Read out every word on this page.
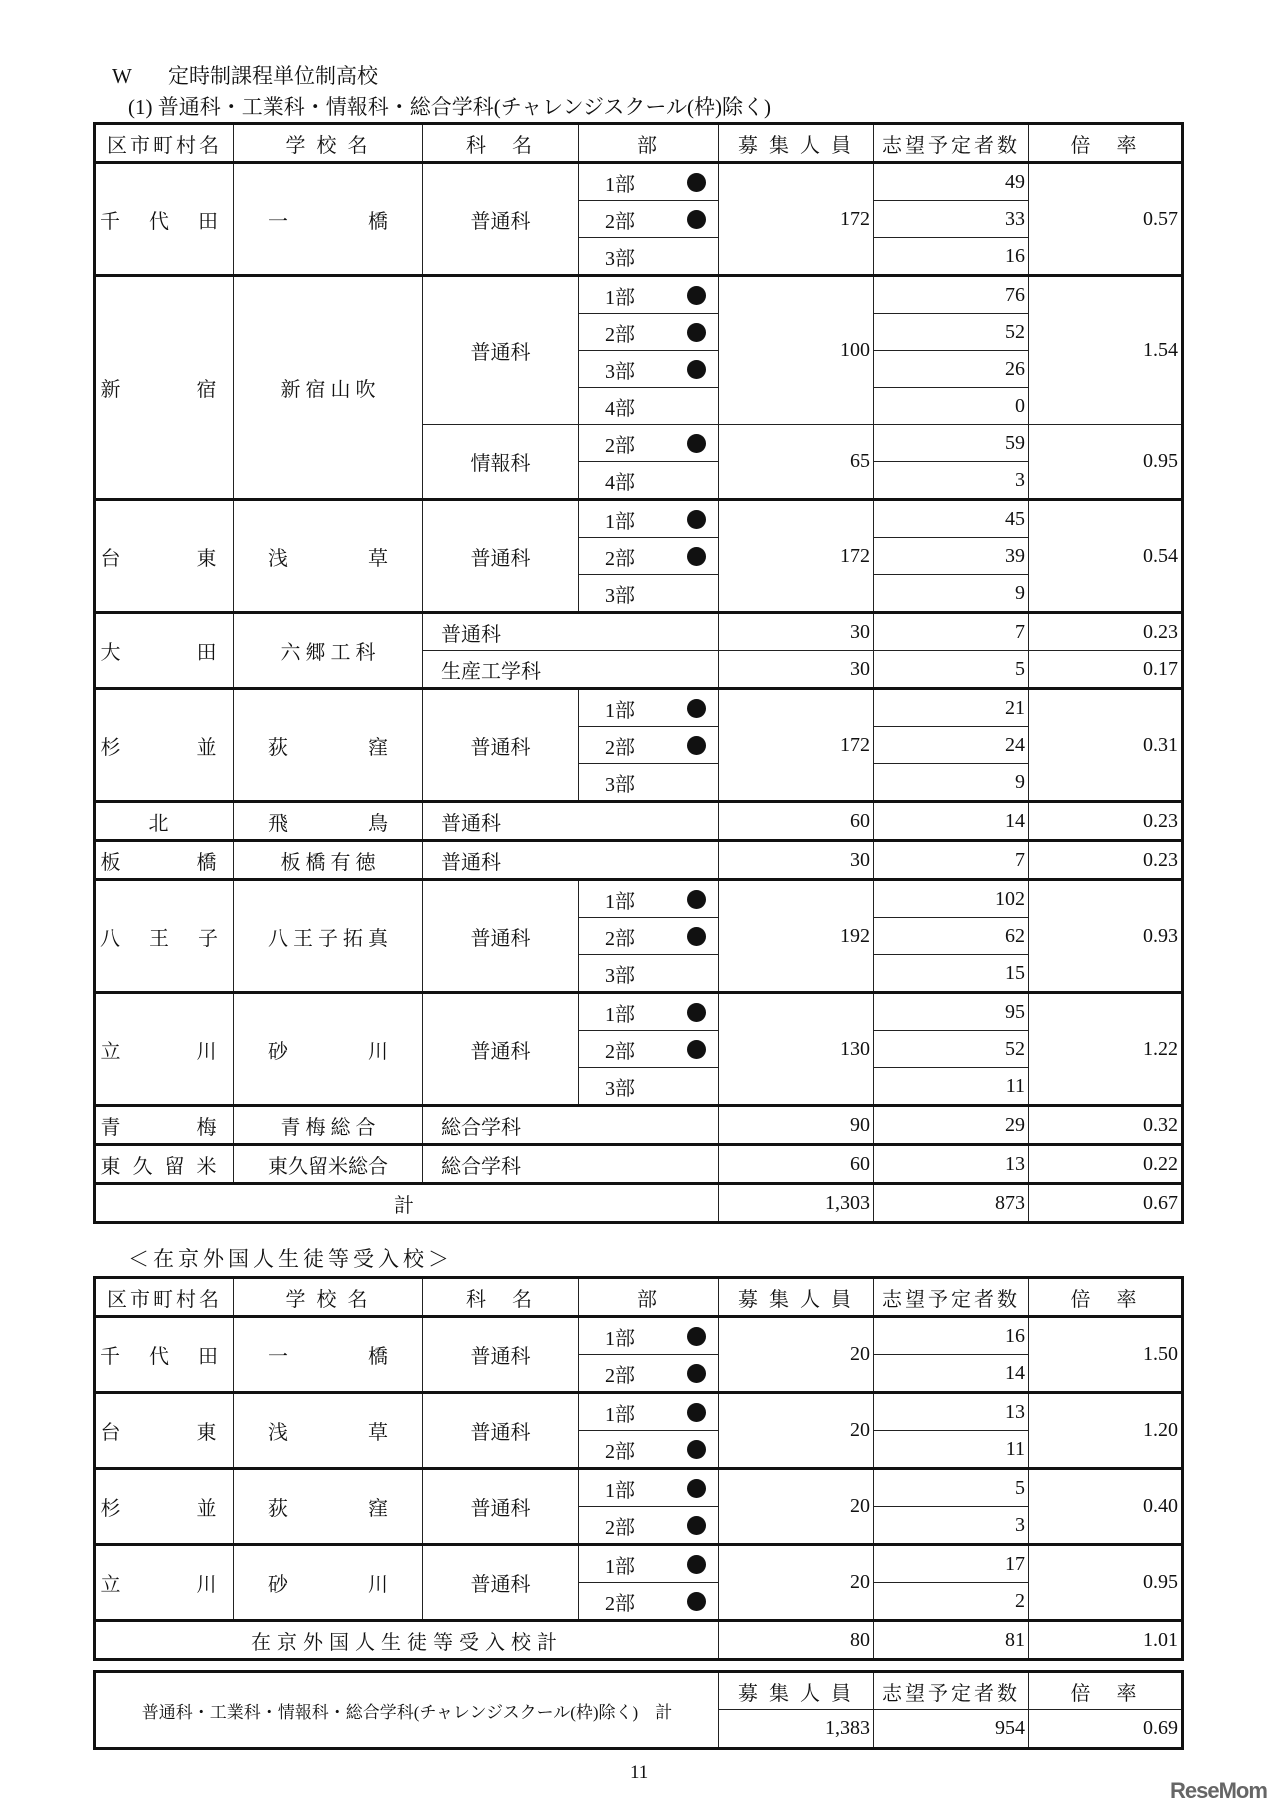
W 定時制課程単位制高校
(1) 普通科・工業科・情報科・総合学科(チャレンジスクール(枠)除く)
区市町村名	学 校 名	科　名	部	募 集 人 員	志望予定者数	倍　率
千 代 田	一　　　　橋	普通科	1部	172	49	0.57
			2部		33	
			3部		16	
新　　宿	新 宿 山 吹	普通科	1部	100	76	1.54
			2部		52	
			3部		26	
			4部		0	
		情報科	2部	65	59	0.95
			4部		3	
台　　東	浅　　　　草	普通科	1部	172	45	0.54
			2部		39	
			3部		9	
大　　田	六 郷 工 科	普通科		30	7	0.23
		生産工学科		30	5	0.17
杉　　並	荻　　　　窪	普通科	1部	172	21	0.31
			2部		24	
			3部		9	
北	飛　　　　鳥	普通科		60	14	0.23
板　　橋	板 橋 有 徳	普通科		30	7	0.23
八 王 子	八 王 子 拓 真	普通科	1部	192	102	0.93
			2部		62	
			3部		15	
立　　川	砂　　　　川	普通科	1部	130	95	1.22
			2部		52	
			3部		11	
青　　梅	青 梅 総 合	総合学科		90	29	0.32
東久留米	東久留米総合	総合学科		60	13	0.22
計				1,303	873	0.67
＜在京外国人生徒等受入校＞
区市町村名	学 校 名	科　名	部	募 集 人 員	志望予定者数	倍　率
千 代 田	一　　　　橋	普通科	1部	20	16	1.50
			2部		14	
台　　東	浅　　　　草	普通科	1部	20	13	1.20
			2部		11	
杉　　並	荻　　　　窪	普通科	1部	20	5	0.40
			2部		3	
立　　川	砂　　　　川	普通科	1部	20	17	0.95
			2部		2	
在京外国人生徒等受入校計				80	81	1.01
普通科・工業科・情報科・総合学科(チャレンジスクール(枠)除く)　計	募 集 人 員	志望予定者数	倍　率
	1,383	954	0.69
11
ReseMom
